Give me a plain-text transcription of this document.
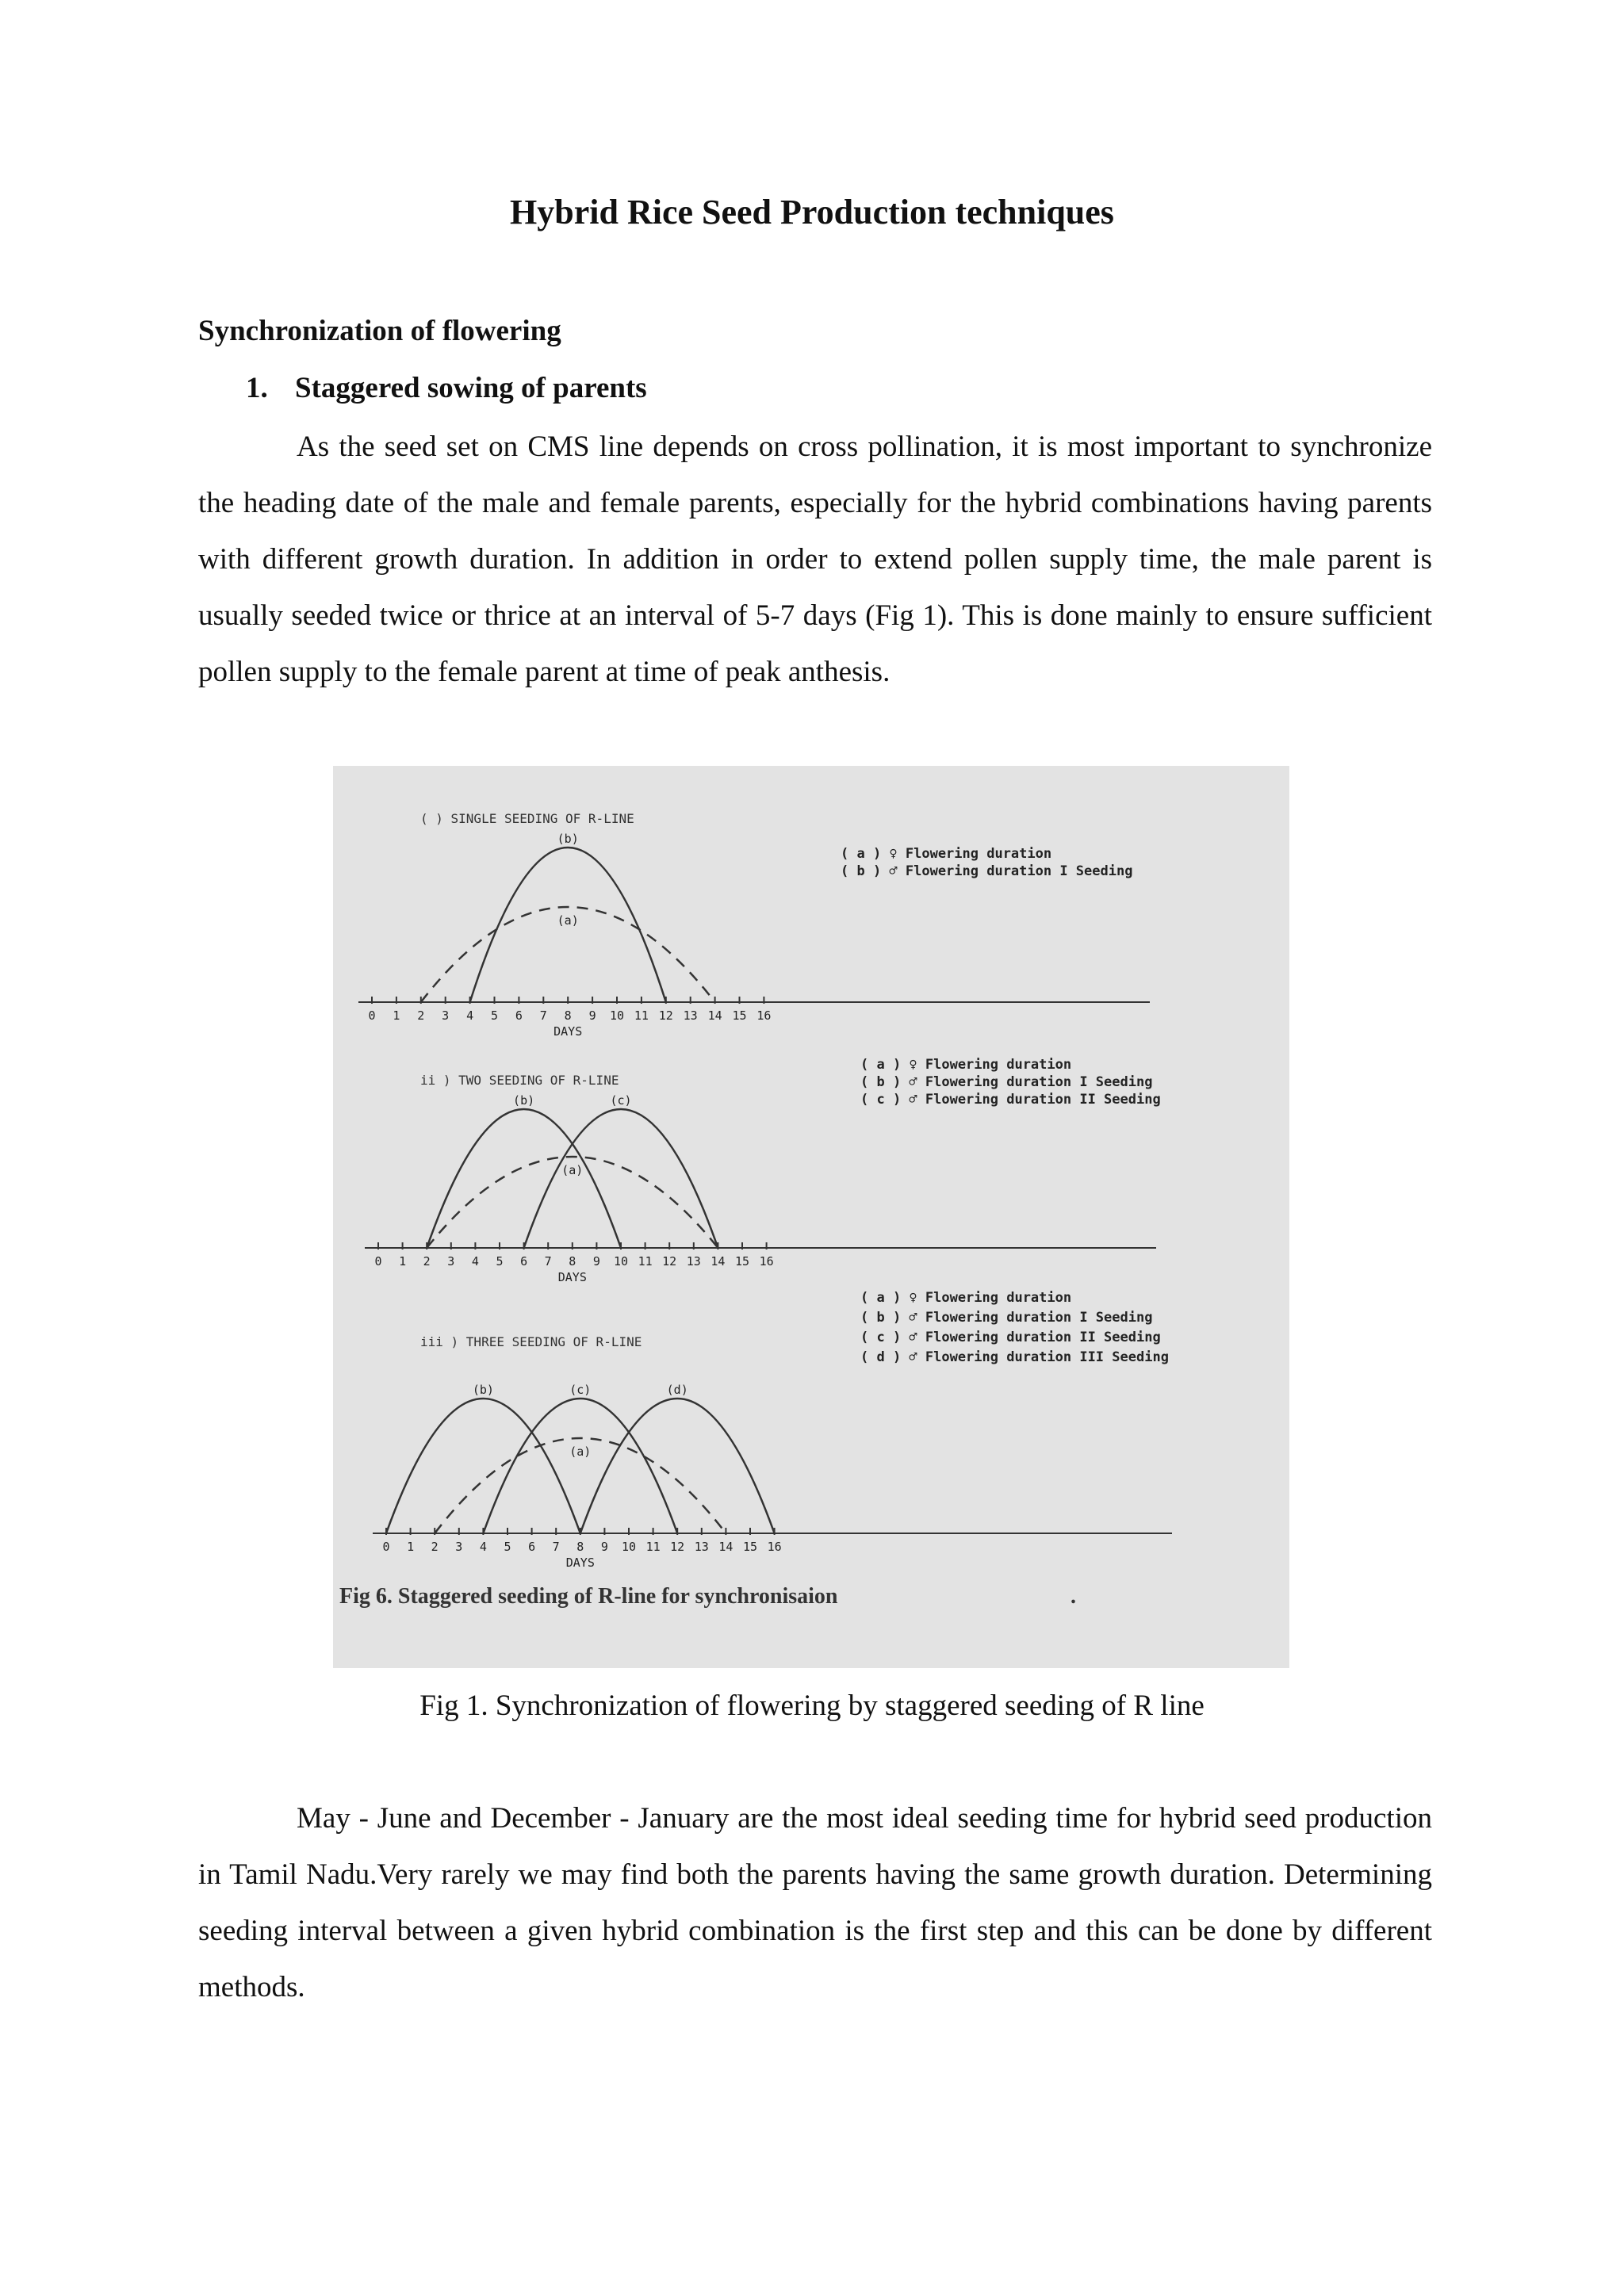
Hybrid Rice Seed Production techniques
Synchronization of flowering
1. Staggered sowing of parents

As the seed set on CMS line depends on cross pollination, it is most important to synchronize the heading date of the male and female parents, especially for the hybrid combinations having parents with different growth duration. In addition in order to extend pollen supply time, the male parent is usually seeded twice or thrice at an interval of 5-7 days (Fig 1). This is done mainly to ensure sufficient pollen supply to the female parent at time of peak anthesis.

( ) SINGLE SEEDING OF R-LINE
( a ) ♀ Flowering duration
( b ) ♂ Flowering duration I Seeding
0 1 2 3 4 5 6 7 8 9 10 11 12 13 14 15 16
DAYS
(b)
(a)
ii ) TWO SEEDING OF R-LINE
( a ) ♀ Flowering duration
( b ) ♂ Flowering duration I Seeding
( c ) ♂ Flowering duration II Seeding
0 1 2 3 4 5 6 7 8 9 10 11 12 13 14 15 16
DAYS
(b)	(c)
(a)
iii ) THREE SEEDING OF R-LINE
( a ) ♀ Flowering duration
( b ) ♂ Flowering duration I Seeding
( c ) ♂ Flowering duration II Seeding
( d ) ♂ Flowering duration III Seeding
0 1 2 3 4 5 6 7 8 9 10 11 12 13 14 15 16
DAYS
(b)	(c)	(d)
(a)
Fig 6. Staggered seeding of R-line for synchronisaion	.

Fig 1. Synchronization of flowering by staggered seeding of R line

May - June and December - January are the most ideal seeding time for hybrid seed production in Tamil Nadu.Very rarely we may find both the parents having the same growth duration. Determining seeding interval between a given hybrid combination is the first step and this can be done by different methods.
